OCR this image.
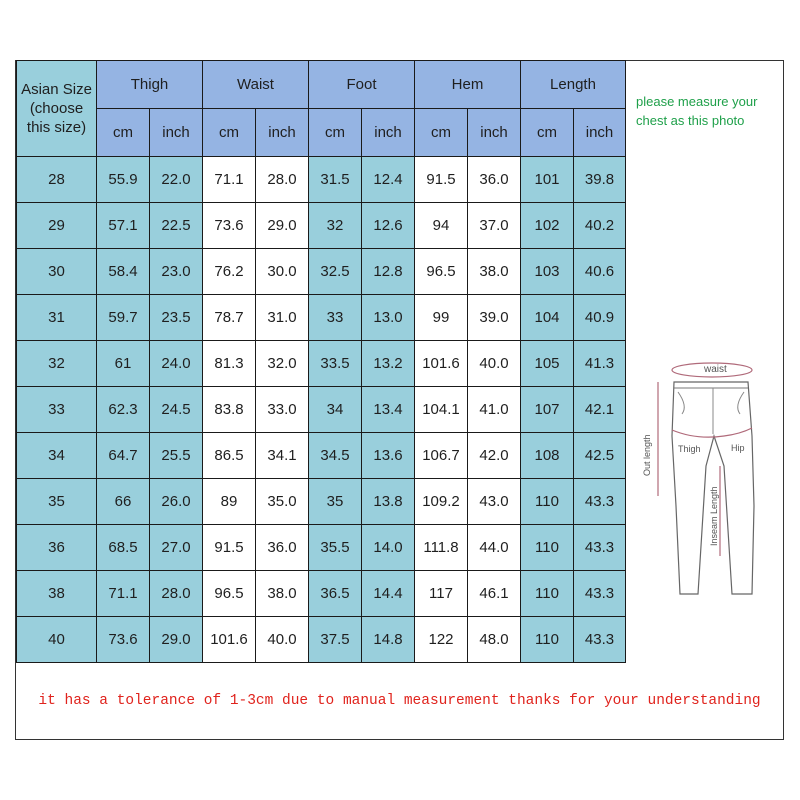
Asian Size
(choose
this size)	Thigh		Waist		Foot		Hem		Length	
	cm	inch	cm	inch	cm	inch	cm	inch	cm	inch
28	55.9	22.0	71.1	28.0	31.5	12.4	91.5	36.0	101	39.8
29	57.1	22.5	73.6	29.0	32	12.6	94	37.0	102	40.2
30	58.4	23.0	76.2	30.0	32.5	12.8	96.5	38.0	103	40.6
31	59.7	23.5	78.7	31.0	33	13.0	99	39.0	104	40.9
32	61	24.0	81.3	32.0	33.5	13.2	101.6	40.0	105	41.3
33	62.3	24.5	83.8	33.0	34	13.4	104.1	41.0	107	42.1
34	64.7	25.5	86.5	34.1	34.5	13.6	106.7	42.0	108	42.5
35	66	26.0	89	35.0	35	13.8	109.2	43.0	110	43.3
36	68.5	27.0	91.5	36.0	35.5	14.0	111.8	44.0	110	43.3
38	71.1	28.0	96.5	38.0	36.5	14.4	117	46.1	110	43.3
40	73.6	29.0	101.6	40.0	37.5	14.8	122	48.0	110	43.3
please measure your chest as this photo
waist
Thigh	Hip
Out length
Inseam Length
it has a tolerance of 1-3cm due to manual measurement thanks for your understanding
